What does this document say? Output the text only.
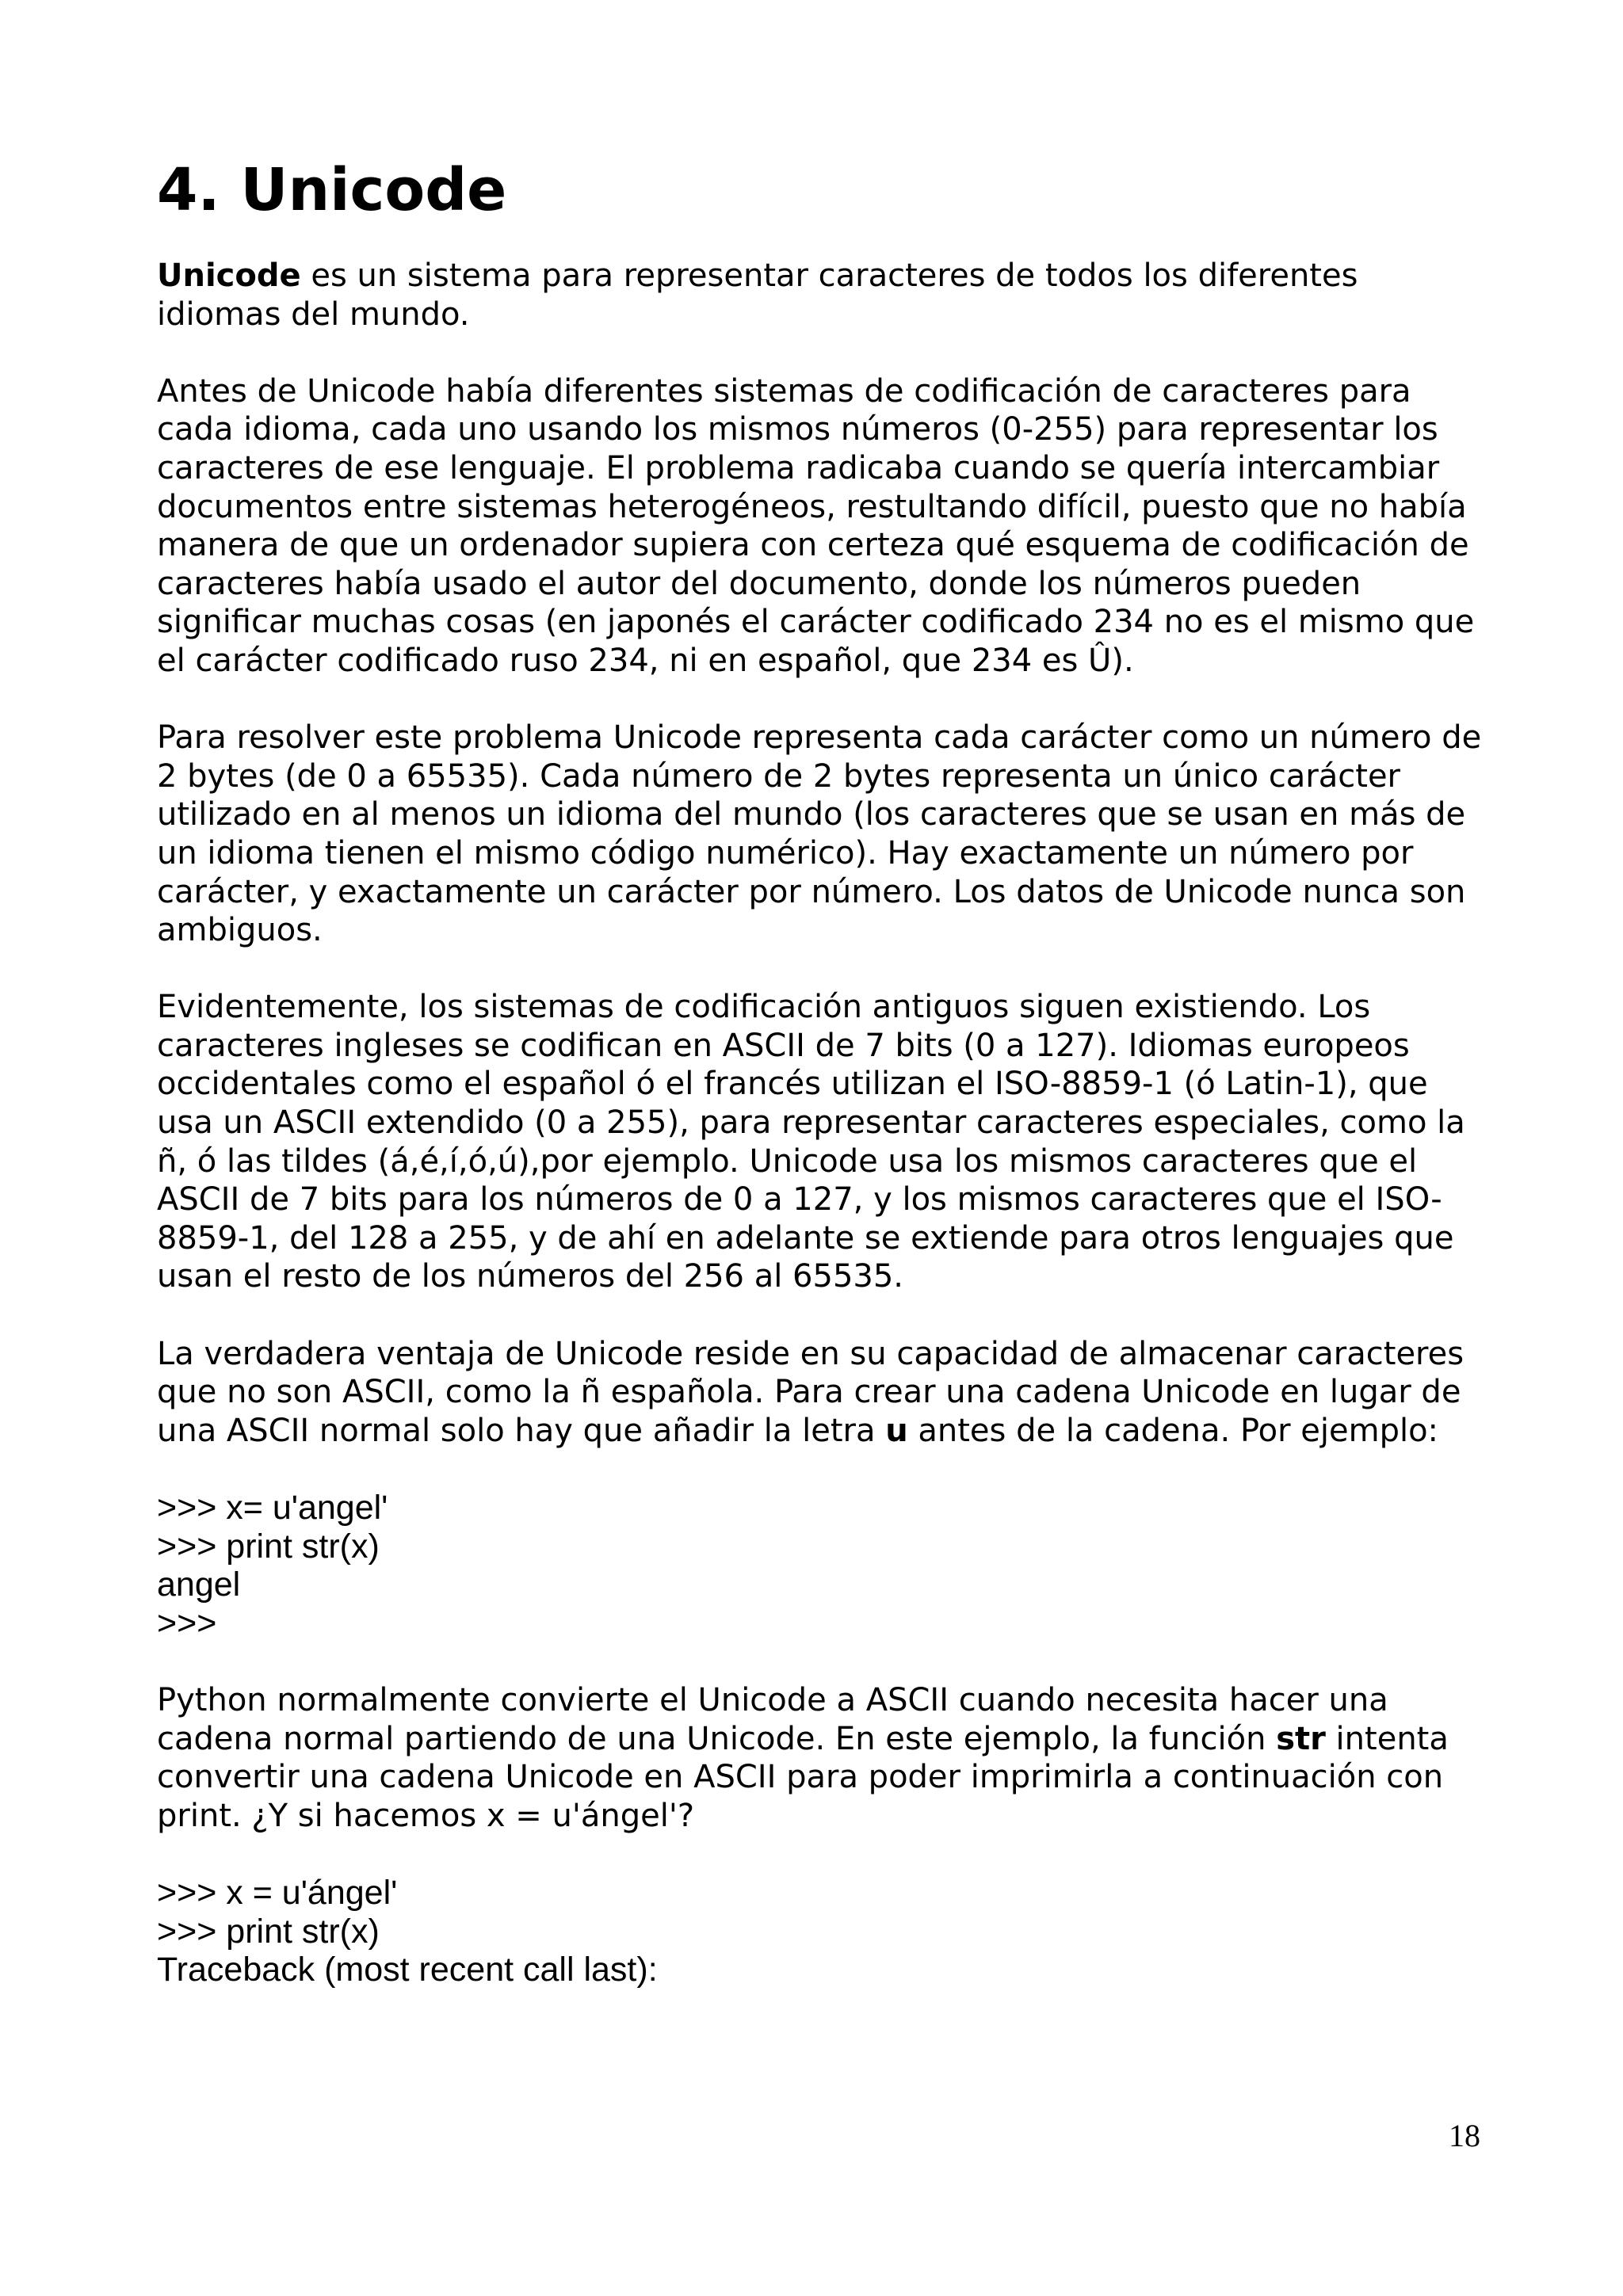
4. Unicode

Unicode es un sistema para representar caracteres de todos los diferentes idiomas del mundo.

Antes de Unicode había diferentes sistemas de codificación de caracteres para cada idioma, cada uno usando los mismos números (0-255) para representar los caracteres de ese lenguaje. El problema radicaba cuando se quería intercambiar documentos entre sistemas heterogéneos, restultando difícil, puesto que no había manera de que un ordenador supiera con certeza qué esquema de codificación de caracteres había usado el autor del documento, donde los números pueden significar muchas cosas (en japonés el carácter codificado 234 no es el mismo que el carácter codificado ruso 234, ni en español, que 234 es Û).

Para resolver este problema Unicode representa cada carácter como un número de 2 bytes (de 0 a 65535). Cada número de 2 bytes representa un único carácter utilizado en al menos un idioma del mundo (los caracteres que se usan en más de un idioma tienen el mismo código numérico). Hay exactamente un número por carácter, y exactamente un carácter por número. Los datos de Unicode nunca son ambiguos.

Evidentemente, los sistemas de codificación antiguos siguen existiendo. Los caracteres ingleses se codifican en ASCII de 7 bits (0 a 127). Idiomas europeos occidentales como el español ó el francés utilizan el ISO-8859-1 (ó Latin-1), que usa un ASCII extendido (0 a 255), para representar caracteres especiales, como la ñ, ó las tildes (á,é,í,ó,ú),por ejemplo. Unicode usa los mismos caracteres que el ASCII de 7 bits para los números de 0 a 127, y los mismos caracteres que el ISO-8859-1, del 128 a 255, y de ahí en adelante se extiende para otros lenguajes que usan el resto de los números del 256 al 65535.

La verdadera ventaja de Unicode reside en su capacidad de almacenar caracteres que no son ASCII, como la ñ española. Para crear una cadena Unicode en lugar de una ASCII normal solo hay que añadir la letra u antes de la cadena. Por ejemplo:

>>> x= u'angel'
>>> print str(x)
angel
>>>

Python normalmente convierte el Unicode a ASCII cuando necesita hacer una cadena normal partiendo de una Unicode. En este ejemplo, la función str intenta convertir una cadena Unicode en ASCII para poder imprimirla a continuación con print. ¿Y si hacemos x = u'ángel'?

>>> x = u'ángel'
>>> print str(x)
Traceback (most recent call last):
18
